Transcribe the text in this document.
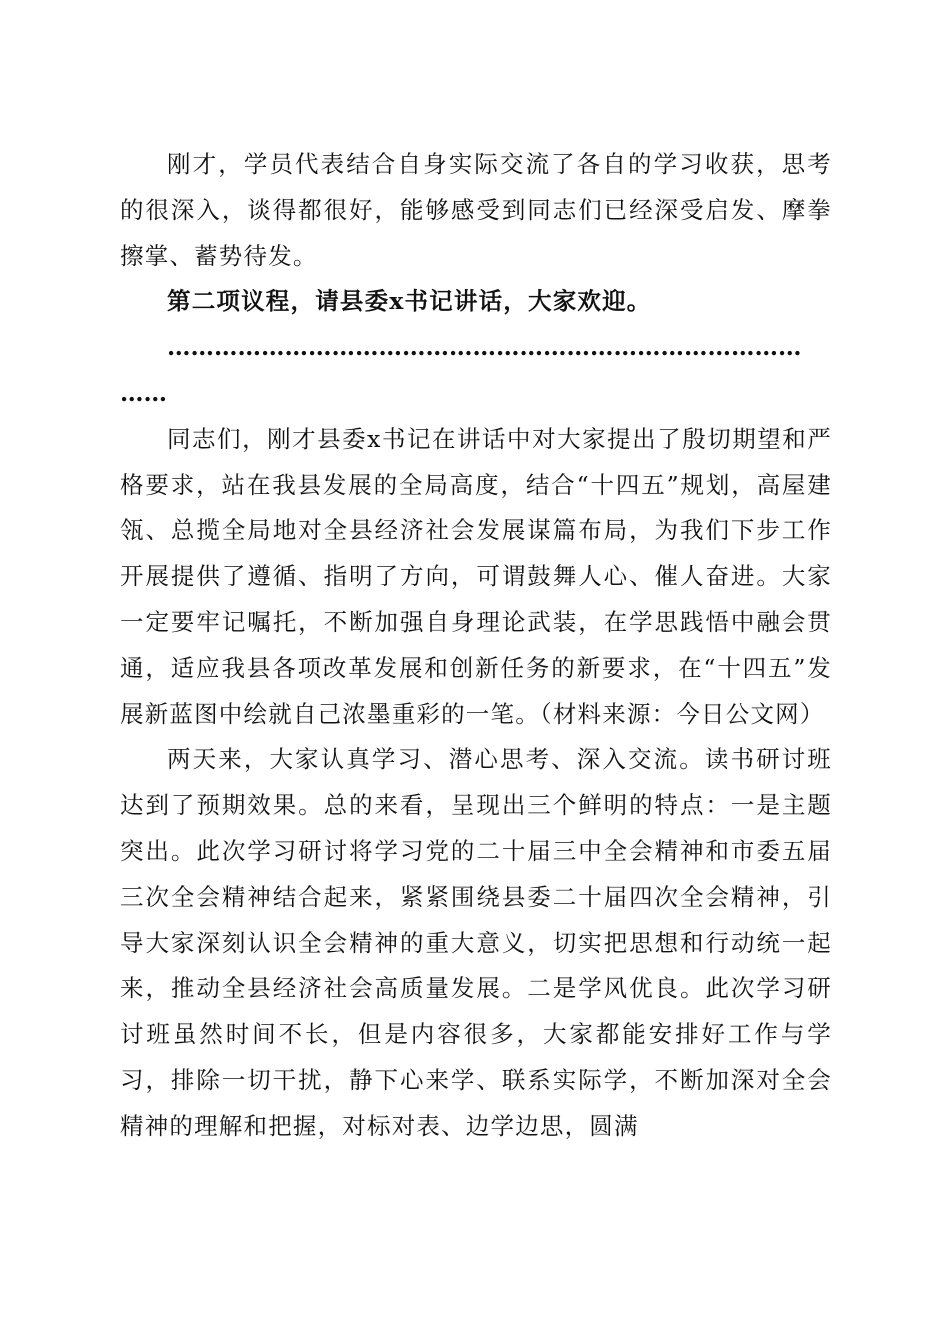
刚才，学员代表结合自身实际交流了各自的学习收获，思考的很深入，谈得都很好，能够感受到同志们已经深受启发、摩拳擦掌、蓄势待发。

第二项议程，请县委x书记讲话，大家欢迎。

………………………………………………………………………

……

同志们，刚才县委x书记在讲话中对大家提出了殷切期望和严格要求，站在我县发展的全局高度，结合“十四五”规划，高屋建瓴、总揽全局地对全县经济社会发展谋篇布局，为我们下步工作开展提供了遵循、指明了方向，可谓鼓舞人心、催人奋进。大家一定要牢记嘱托，不断加强自身理论武装，在学思践悟中融会贯通，适应我县各项改革发展和创新任务的新要求，在“十四五”发展新蓝图中绘就自己浓墨重彩的一笔。（材料来源：今日公文网）

两天来，大家认真学习、潜心思考、深入交流。读书研讨班达到了预期效果。总的来看，呈现出三个鲜明的特点：一是主题突出。此次学习研讨将学习党的二十届三中全会精神和市委五届三次全会精神结合起来，紧紧围绕县委二十届四次全会精神，引导大家深刻认识全会精神的重大意义，切实把思想和行动统一起来，推动全县经济社会高质量发展。二是学风优良。此次学习研讨班虽然时间不长，但是内容很多，大家都能安排好工作与学习，排除一切干扰，静下心来学、联系实际学，不断加深对全会精神的理解和把握，对标对表、边学边思，圆满
